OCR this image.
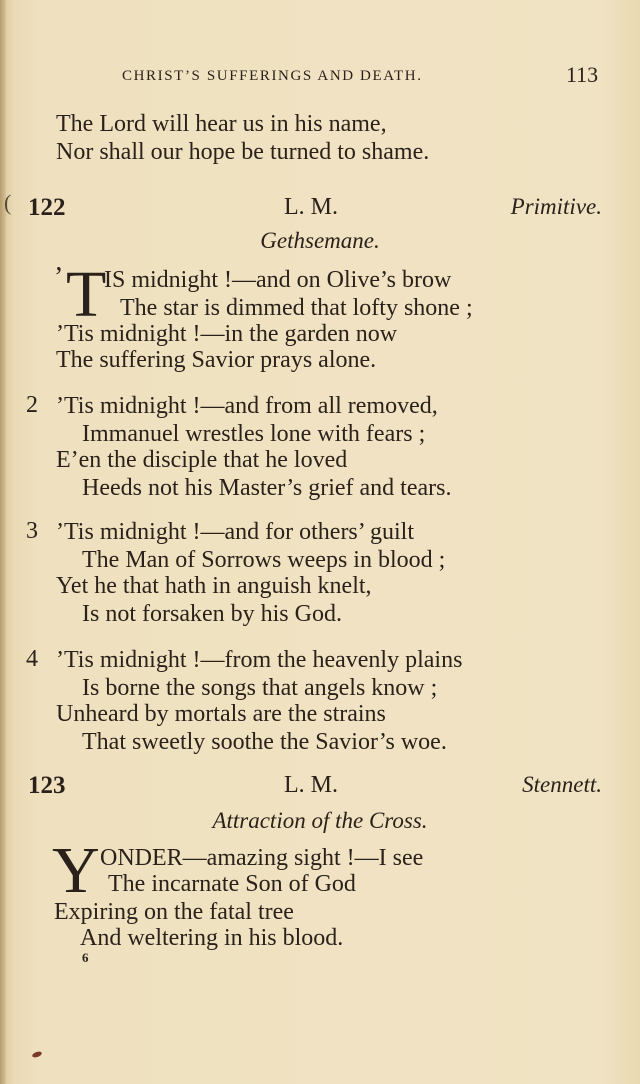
(
CHRIST’S SUFFERINGS AND DEATH.	113
The Lord will hear us in his name,
Nor shall our hope be turned to shame.
122	L. M.	Primitive.
Gethsemane.
’ T
IS midnight !—and on Olive’s brow
The star is dimmed that lofty shone ;
’Tis midnight !—in the garden now
The suffering Savior prays alone.
2 ’Tis midnight !—and from all removed,
Immanuel wrestles lone with fears ;
E’en the disciple that he loved
Heeds not his Master’s grief and tears.
3 ’Tis midnight !—and for others’ guilt
The Man of Sorrows weeps in blood ;
Yet he that hath in anguish knelt,
Is not forsaken by his God.
4 ’Tis midnight !—from the heavenly plains
Is borne the songs that angels know ;
Unheard by mortals are the strains
That sweetly soothe the Savior’s woe.
123	L. M.	Stennett.
Attraction of the Cross.
Y ONDER—amazing sight !—I see
The incarnate Son of God
Expiring on the fatal tree
And weltering in his blood.
6
